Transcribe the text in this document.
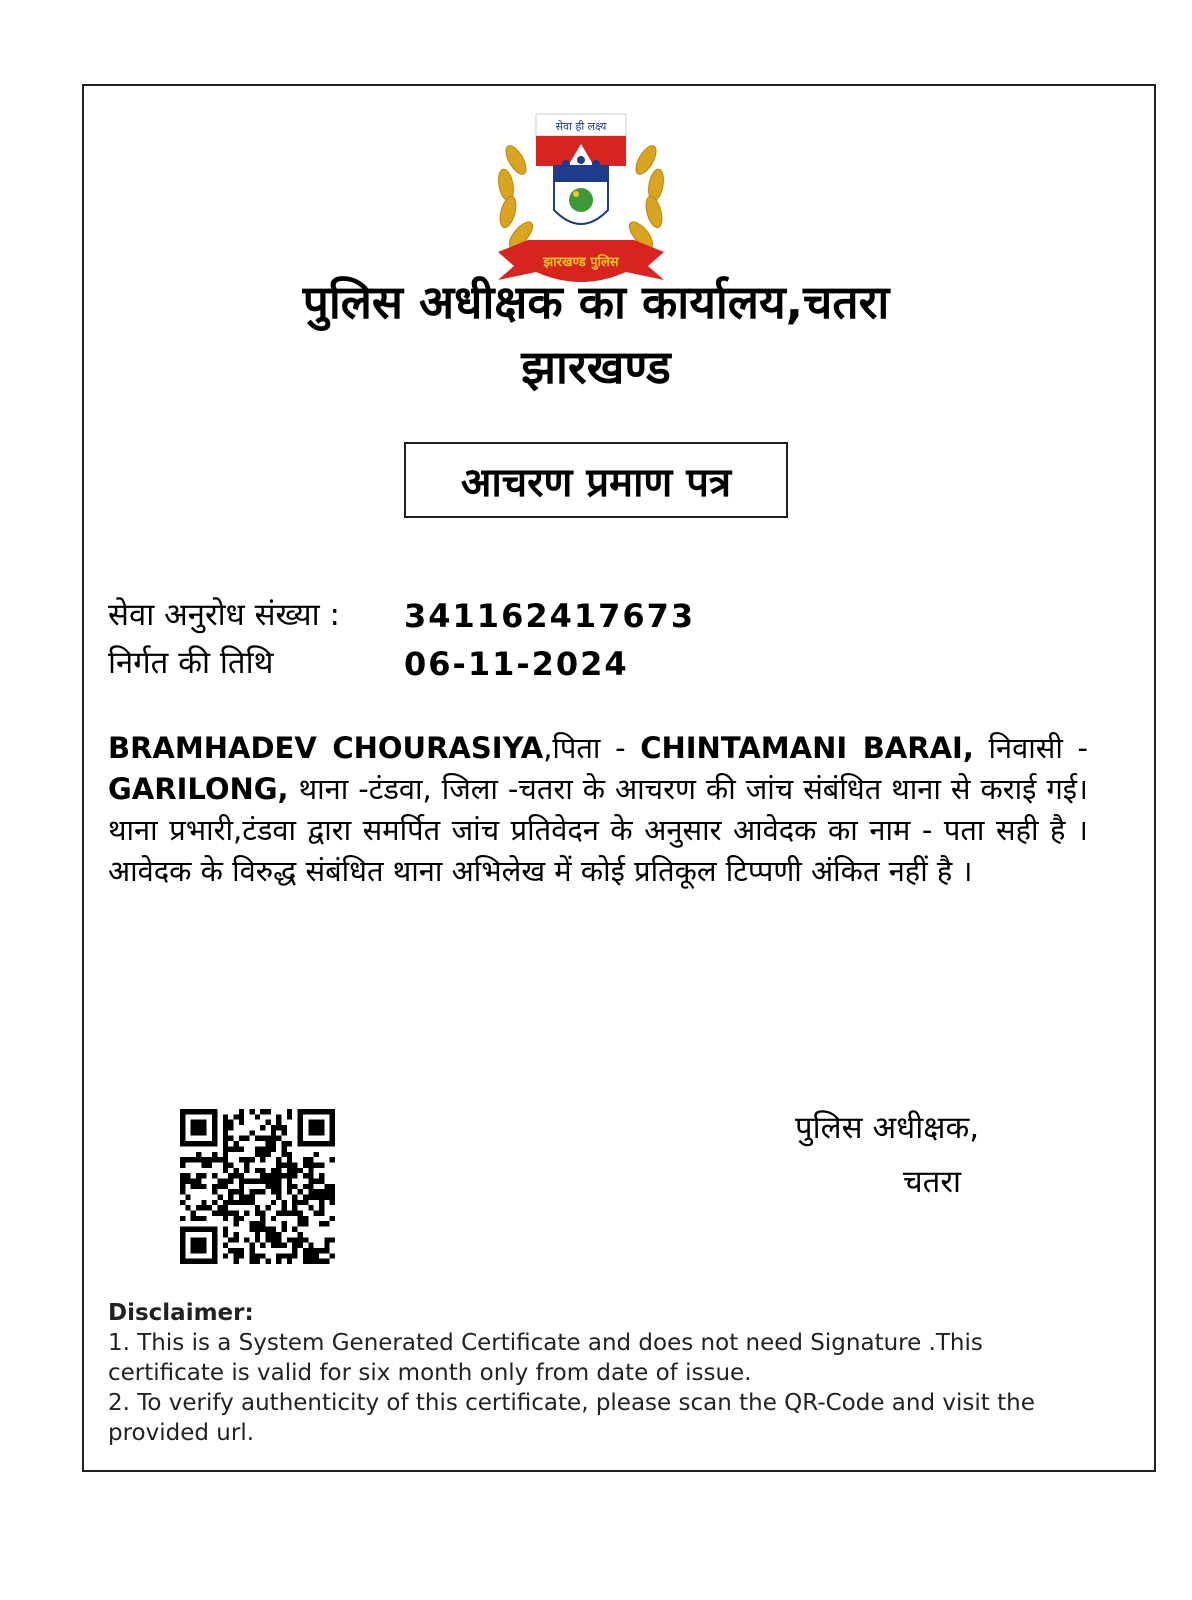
सेवा ही लक्ष्य
झारखण्ड पुलिस
पुलिस अधीक्षक का कार्यालय,चतरा
झारखण्ड
आचरण प्रमाण पत्र
सेवा अनुरोध संख्या : 341162417673
निर्गत की तिथि	06-11-2024
BRAMHADEV CHOURASIYA,पिता - CHINTAMANI BARAI, निवासी - GARILONG, थाना -टंडवा, जिला -चतरा के आचरण की जांच संबंधित थाना से कराई गई। थाना प्रभारी,टंडवा द्वारा समर्पित जांच प्रतिवेदन के अनुसार आवेदक का नाम - पता सही है । आवेदक के विरुद्ध संबंधित थाना अभिलेख में कोई प्रतिकूल टिप्पणी अंकित नहीं है ।
पुलिस अधीक्षक,
चतरा
Disclaimer:
1. This is a System Generated Certificate and does not need Signature .This certificate is valid for six month only from date of issue.
2. To verify authenticity of this certificate, please scan the QR-Code and visit the provided url.
